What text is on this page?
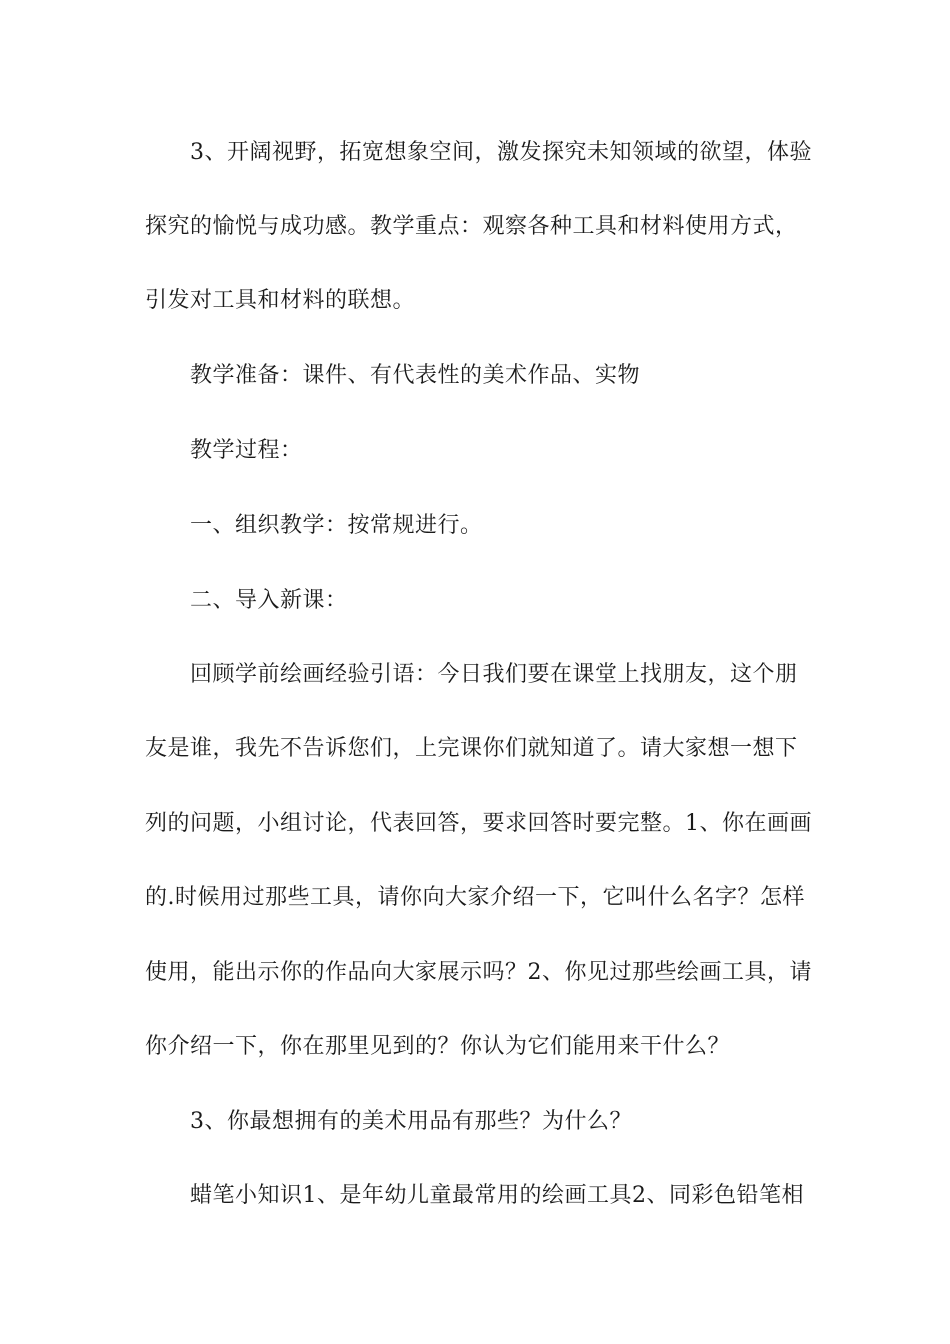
3、开阔视野，拓宽想象空间，激发探究未知领域的欲望，体验
探究的愉悦与成功感。教学重点：观察各种工具和材料使用方式，
引发对工具和材料的联想。
教学准备：课件、有代表性的美术作品、实物
教学过程：
一、组织教学：按常规进行。
二、导入新课：
回顾学前绘画经验引语：今日我们要在课堂上找朋友，这个朋
友是谁，我先不告诉您们，上完课你们就知道了。请大家想一想下
列的问题，小组讨论，代表回答，要求回答时要完整。1、你在画画
的.时候用过那些工具，请你向大家介绍一下，它叫什么名字？怎样
使用，能出示你的作品向大家展示吗？2、你见过那些绘画工具，请
你介绍一下，你在那里见到的？你认为它们能用来干什么？
3、你最想拥有的美术用品有那些？为什么？
蜡笔小知识1、是年幼儿童最常用的绘画工具2、同彩色铅笔相
